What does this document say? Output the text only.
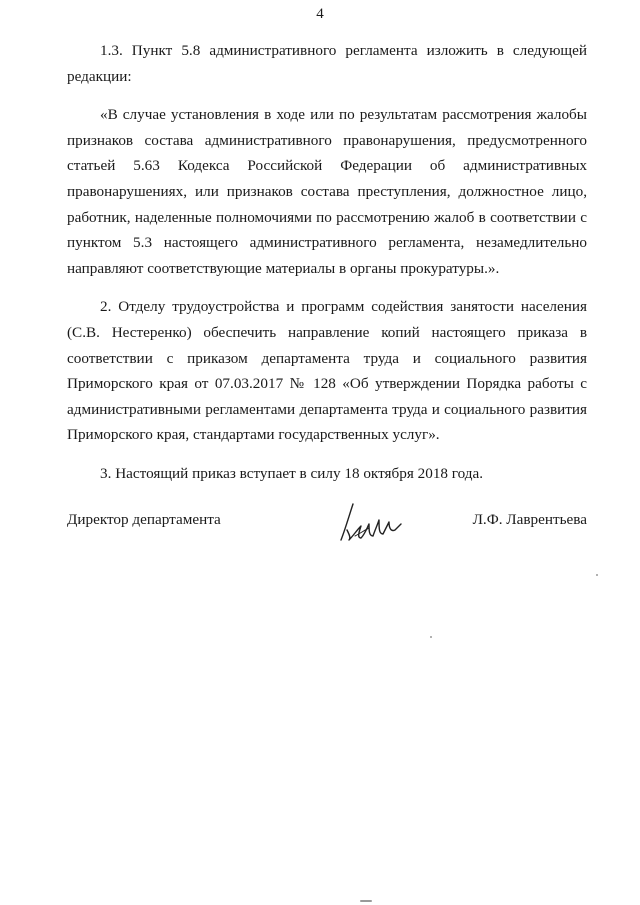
4

1.3. Пункт 5.8 административного регламента изложить в следующей редакции:

«В случае установления в ходе или по результатам рассмотрения жалобы признаков состава административного правонарушения, предусмотренного статьей 5.63 Кодекса Российской Федерации об административных правонарушениях, или признаков состава преступления, должностное лицо, работник, наделенные полномочиями по рассмотрению жалоб в соответствии с пунктом 5.3 настоящего административного регламента, незамедлительно направляют соответствующие материалы в органы прокуратуры.».

2. Отделу трудоустройства и программ содействия занятости населения (С.В. Нестеренко) обеспечить направление копий настоящего приказа в соответствии с приказом департамента труда и социального развития Приморского края от 07.03.2017 № 128 «Об утверждении Порядка работы с административными регламентами департамента труда и социального развития Приморского края, стандартами государственных услуг».

3. Настоящий приказ вступает в силу 18 октября 2018 года.

Директор департамента	Л.Ф. Лаврентьева
